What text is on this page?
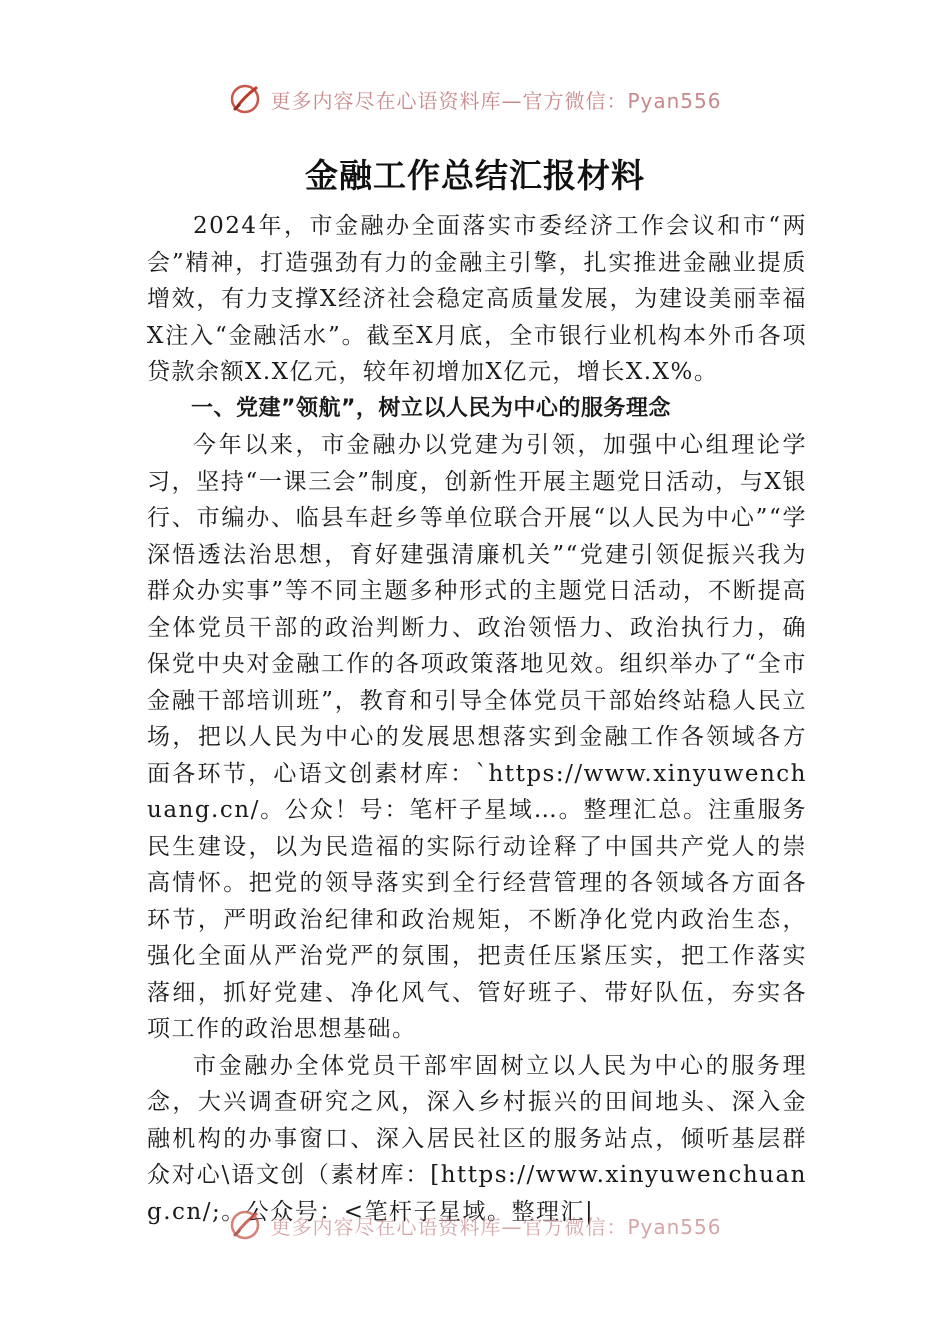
更多内容尽在心语资料库—官方微信：Pyan556
金融工作总结汇报材料

2024年，市金融办全面落实市委经济工作会议和市“两会”精神，打造强劲有力的金融主引擎，扎实推进金融业提质增效，有力支撑X经济社会稳定高质量发展，为建设美丽幸福X注入“金融活水”。截至X月底，全市银行业机构本外币各项贷款余额X.X亿元，较年初增加X亿元，增长X.X%。

一、党建”领航”，树立以人民为中心的服务理念

今年以来，市金融办以党建为引领，加强中心组理论学习，坚持“一课三会”制度，创新性开展主题党日活动，与X银行、市编办、临县车赶乡等单位联合开展“以人民为中心”“学深悟透法治思想，育好建强清廉机关”“党建引领促振兴我为群众办实事”等不同主题多种形式的主题党日活动，不断提高全体党员干部的政治判断力、政治领悟力、政治执行力，确保党中央对金融工作的各项政策落地见效。组织举办了“全市金融干部培训班”，教育和引导全体党员干部始终站稳人民立场，把以人民为中心的发展思想落实到金融工作各领域各方面各环节，心语文创素材库：`https://www.xinyuwenchuang.cn/。公众！号：笔杆子星域…。整理汇总。注重服务民生建设，以为民造福的实际行动诠释了中国共产党人的崇高情怀。把党的领导落实到全行经营管理的各领域各方面各环节，严明政治纪律和政治规矩，不断净化党内政治生态，强化全面从严治党严的氛围，把责任压紧压实，把工作落实落细，抓好党建、净化风气、管好班子、带好队伍，夯实各项工作的政治思想基础。

市金融办全体党员干部牢固树立以人民为中心的服务理念，大兴调查研究之风，深入乡村振兴的田间地头、深入金融机构的办事窗口、深入居民社区的服务站点，倾听基层群众对心\语文创（素材库：[https://www.xinyuwenchuang.cn/;。公众号：<笔杆子星域。整理汇|

更多内容尽在心语资料库—官方微信：Pyan556
